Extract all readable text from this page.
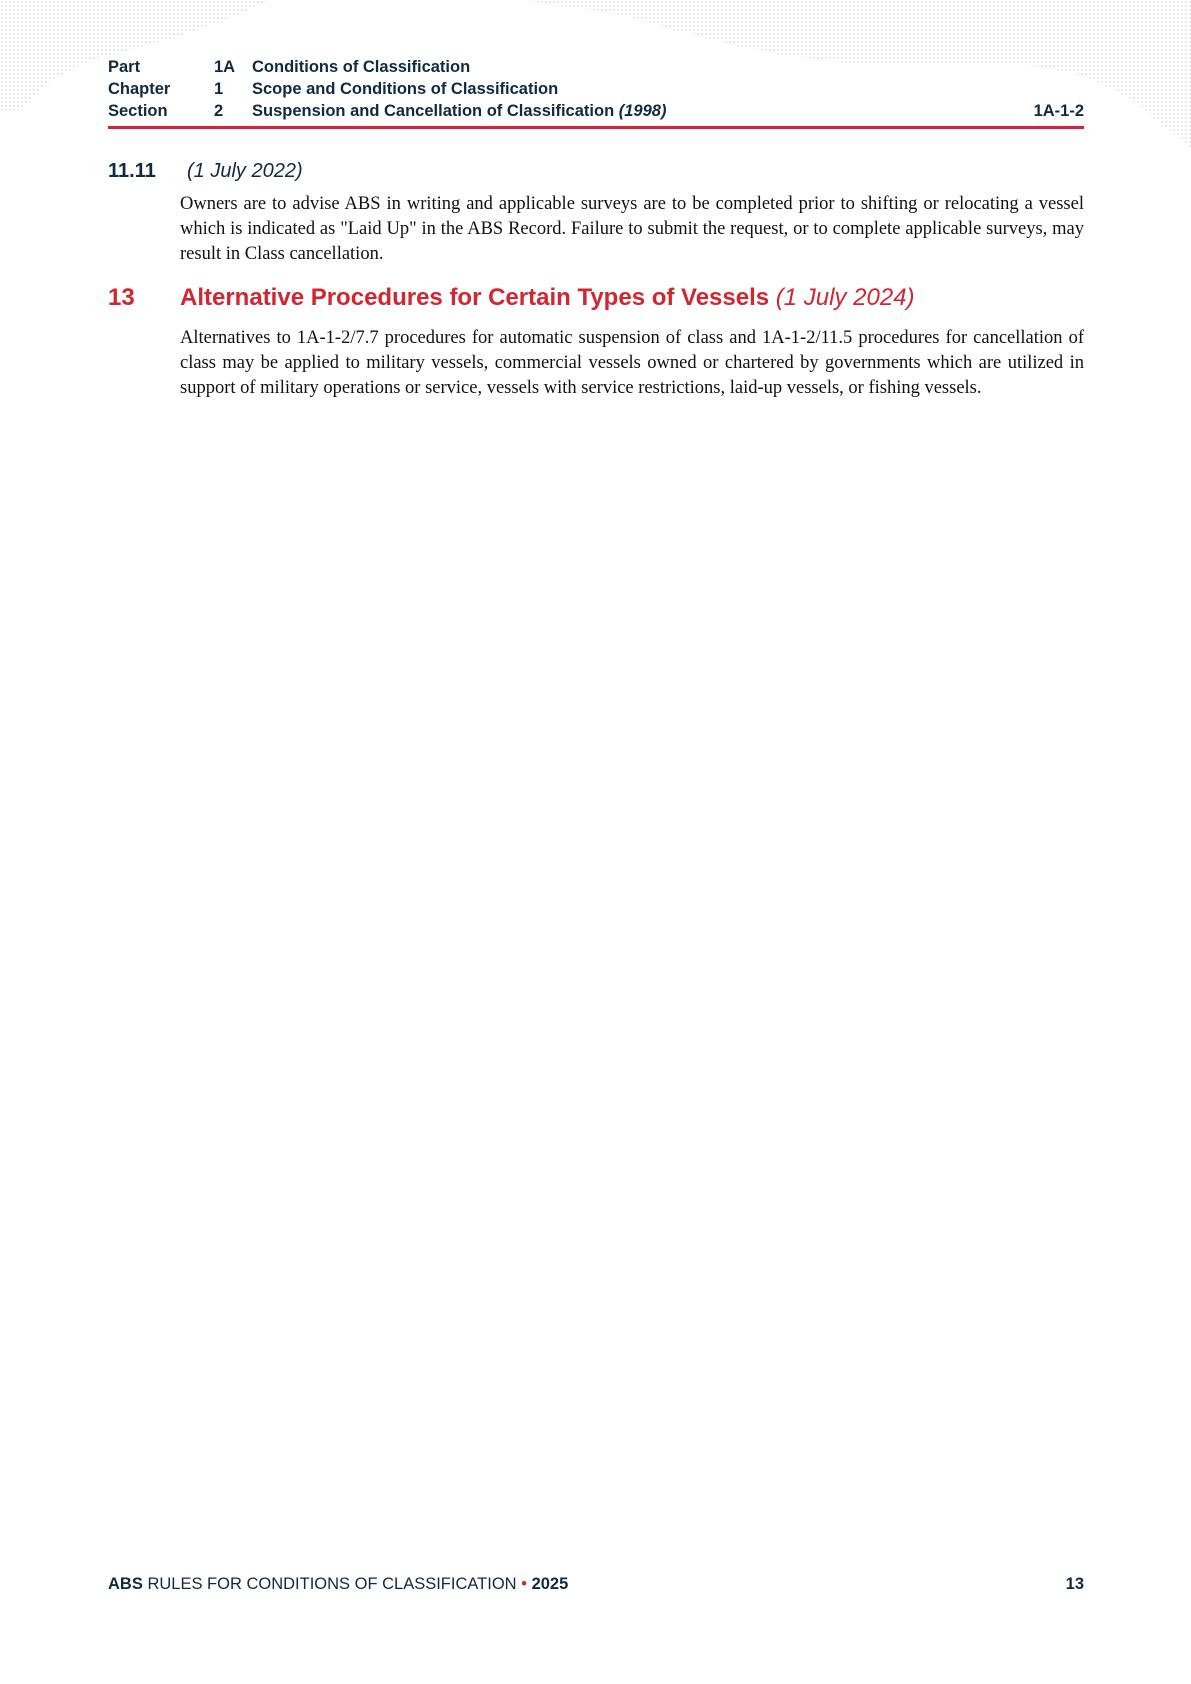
Part	1A Conditions of Classification
Chapter	1 Scope and Conditions of Classification
Section	2 Suspension and Cancellation of Classification (1998)	1A-1-2
11.11 (1 July 2022)

Owners are to advise ABS in writing and applicable surveys are to be completed prior to shifting or relocating a vessel which is indicated as "Laid Up" in the ABS Record. Failure to submit the request, or to complete applicable surveys, may result in Class cancellation.

13 Alternative Procedures for Certain Types of Vessels (1 July 2024)

Alternatives to 1A-1-2/7.7 procedures for automatic suspension of class and 1A-1-2/11.5 procedures for cancellation of class may be applied to military vessels, commercial vessels owned or chartered by governments which are utilized in support of military operations or service, vessels with service restrictions, laid-up vessels, or fishing vessels.

ABS RULES FOR CONDITIONS OF CLASSIFICATION • 2025	13
